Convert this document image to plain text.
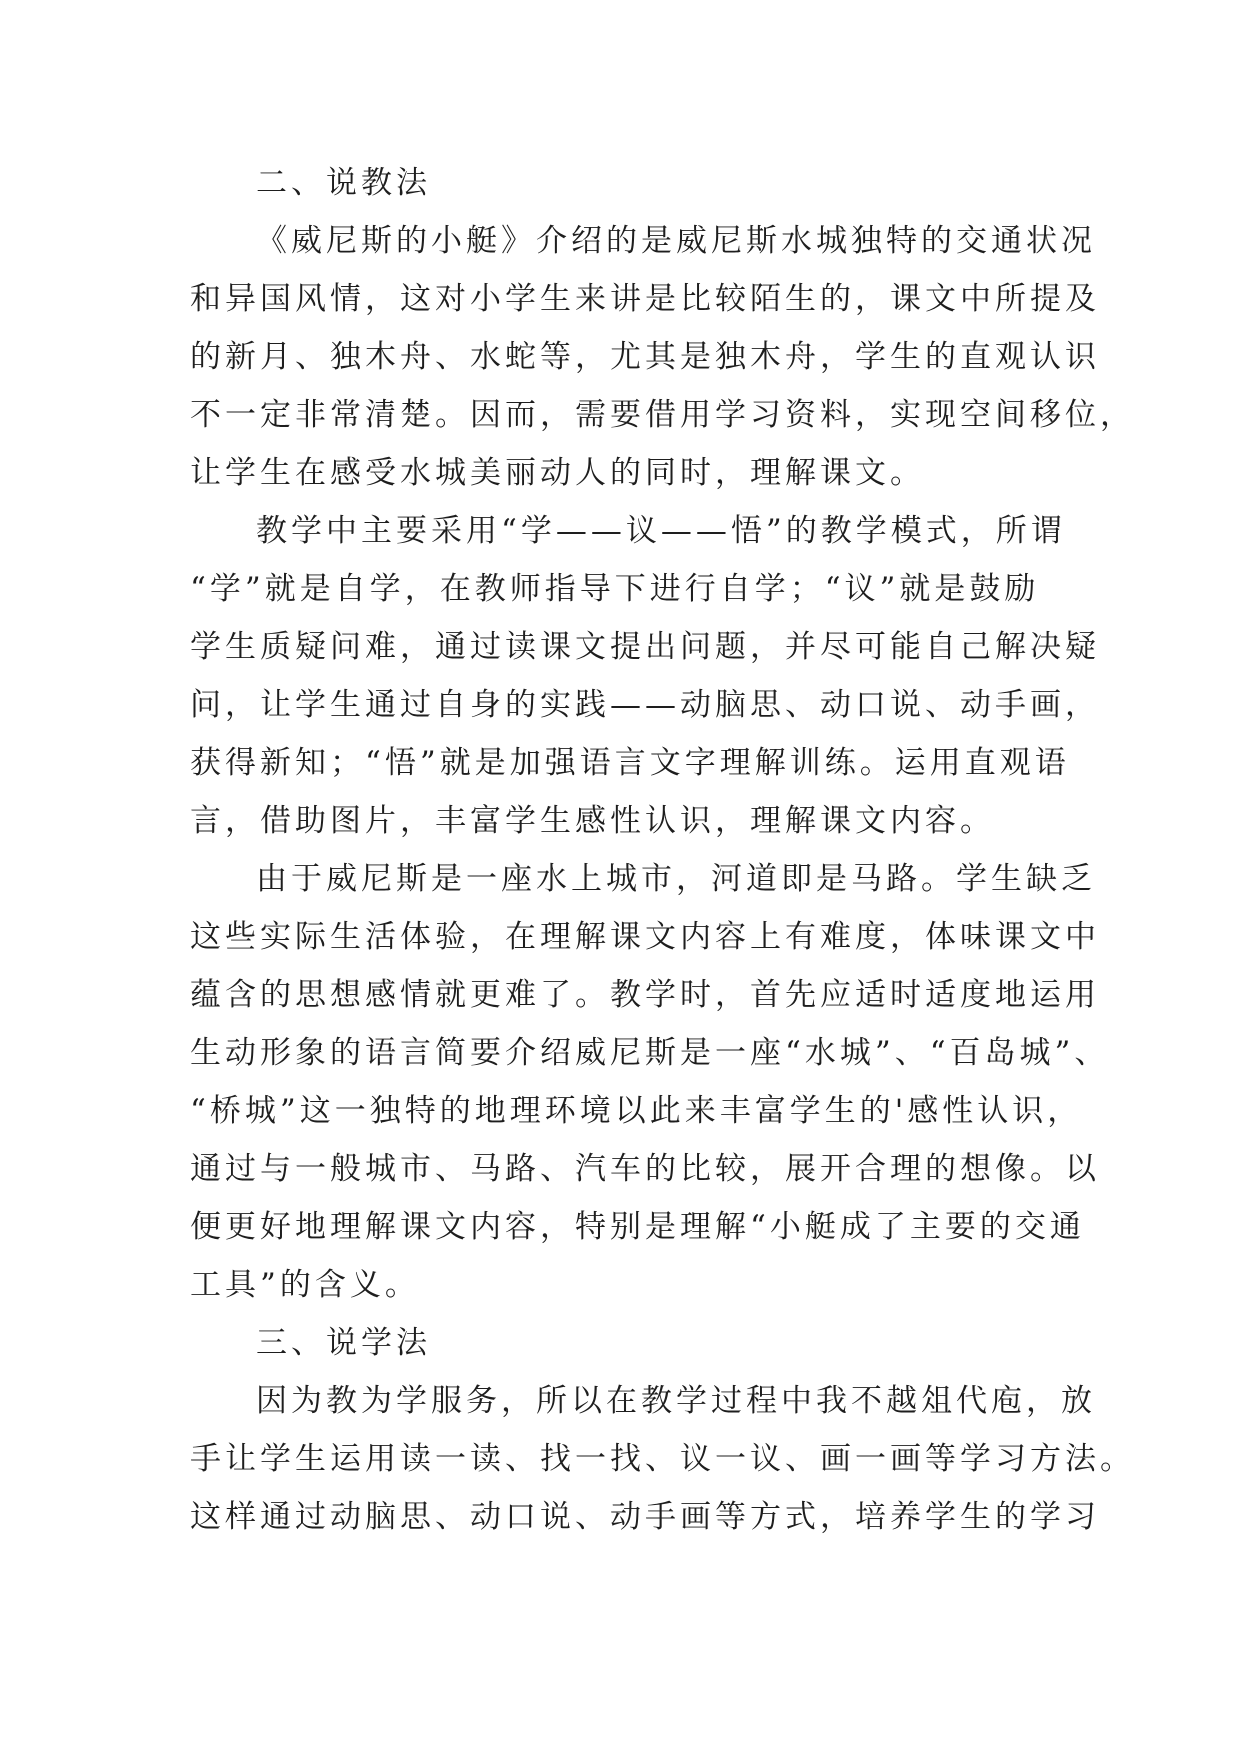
二、说教法
《威尼斯的小艇》介绍的是威尼斯水城独特的交通状况
和异国风情，这对小学生来讲是比较陌生的，课文中所提及
的新月、独木舟、水蛇等，尤其是独木舟，学生的直观认识
不一定非常清楚。因而，需要借用学习资料，实现空间移位，
让学生在感受水城美丽动人的同时，理解课文。
教学中主要采用“学——议——悟”的教学模式，所谓
“学”就是自学，在教师指导下进行自学；“议”就是鼓励
学生质疑问难，通过读课文提出问题，并尽可能自己解决疑
问，让学生通过自身的实践——动脑思、动口说、动手画，
获得新知；“悟”就是加强语言文字理解训练。运用直观语
言，借助图片，丰富学生感性认识，理解课文内容。
由于威尼斯是一座水上城市，河道即是马路。学生缺乏
这些实际生活体验，在理解课文内容上有难度，体味课文中
蕴含的思想感情就更难了。教学时，首先应适时适度地运用
生动形象的语言简要介绍威尼斯是一座“水城”、“百岛城”、
“桥城”这一独特的地理环境以此来丰富学生的'感性认识，
通过与一般城市、马路、汽车的比较，展开合理的想像。以
便更好地理解课文内容，特别是理解“小艇成了主要的交通
工具”的含义。
三、说学法
因为教为学服务，所以在教学过程中我不越俎代庖，放
手让学生运用读一读、找一找、议一议、画一画等学习方法。
这样通过动脑思、动口说、动手画等方式，培养学生的学习
